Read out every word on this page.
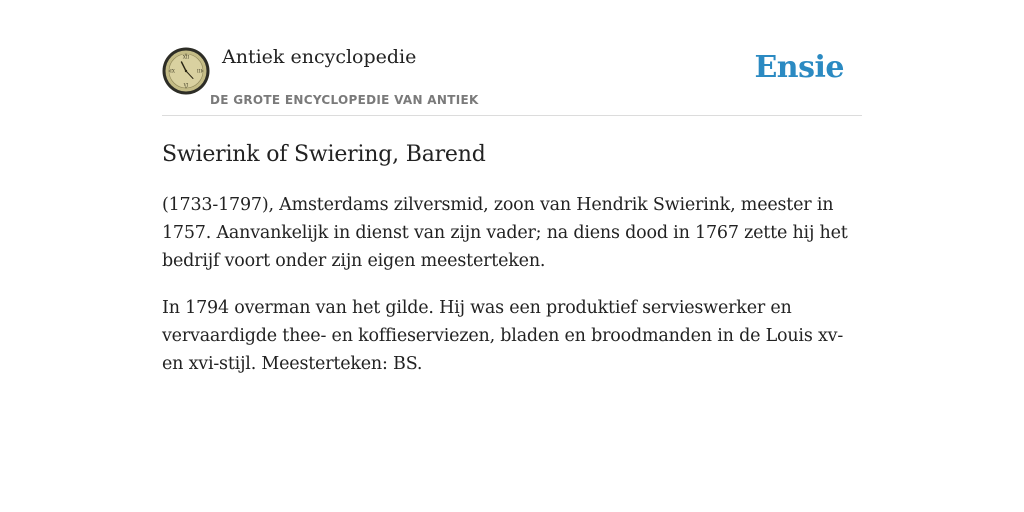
XII
III
VI
IX
Antiek encyclopedie
DE GROTE ENCYCLOPEDIE VAN ANTIEK
Ensie
Swierink of Swiering, Barend

(1733-1797), Amsterdams zilversmid, zoon van Hendrik Swierink, meester in 1757. Aanvankelijk in dienst van zijn vader; na diens dood in 1767 zette hij het bedrijf voort onder zijn eigen meesterteken.

In 1794 overman van het gilde. Hij was een produktief servieswerker en vervaardigde thee- en koffieserviezen, bladen en broodmanden in de Louis xv- en xvi-stijl. Meesterteken: BS.
